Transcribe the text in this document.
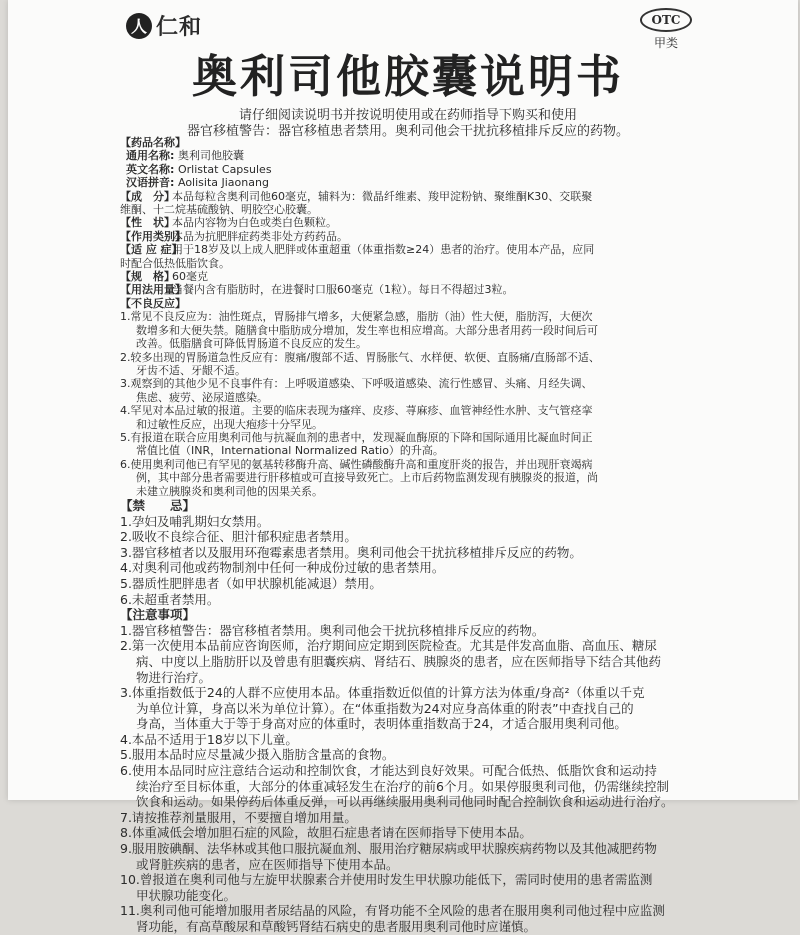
人 仁和	OTC
甲类
奥利司他胶囊说明书
请仔细阅读说明书并按说明使用或在药师指导下购买和使用
器官移植警告：器官移植患者禁用。奥利司他会干扰抗移植排斥反应的药物。
【药品名称】
通用名称: 奥利司他胶囊
英文名称: Orlistat Capsules
汉语拼音: Aolisita Jiaonang
【成　分】
本品每粒含奥利司他60毫克，辅料为：微晶纤维素、羧甲淀粉钠、聚维酮K30、交联聚
维酮、十二烷基硫酸钠、明胶空心胶囊。
【性　状】
本品内容物为白色或类白色颗粒。
【作用类别】
本品为抗肥胖症药类非处方药药品。
【适 应 症】
用于18岁及以上成人肥胖或体重超重（体重指数≥24）患者的治疗。使用本产品，应同
时配合低热低脂饮食。
【规　格】
60毫克
【用法用量】
当餐内含有脂肪时，在进餐时口服60毫克（1粒）。每日不得超过3粒。
【不良反应】
1.常见不良反应为：油性斑点，胃肠排气增多，大便紧急感，脂肪（油）性大便，脂肪泻，大便次
数增多和大便失禁。随膳食中脂肪成分增加，发生率也相应增高。大部分患者用药一段时间后可
改善。低脂膳食可降低胃肠道不良反应的发生。
2.较多出现的胃肠道急性反应有：腹痛/腹部不适、胃肠胀气、水样便、软便、直肠痛/直肠部不适、
牙齿不适、牙龈不适。
3.观察到的其他少见不良事件有：上呼吸道感染、下呼吸道感染、流行性感冒、头痛、月经失调、
焦虑、疲劳、泌尿道感染。
4.罕见对本品过敏的报道。主要的临床表现为瘙痒、皮疹、荨麻疹、血管神经性水肿、支气管痉挛
和过敏性反应，出现大疱疹十分罕见。
5.有报道在联合应用奥利司他与抗凝血剂的患者中，发现凝血酶原的下降和国际通用比凝血时间正
常值比值（INR，International Normalized Ratio）的升高。
6.使用奥利司他已有罕见的氨基转移酶升高、碱性磷酸酶升高和重度肝炎的报告，并出现肝衰竭病
例，其中部分患者需要进行肝移植或可直接导致死亡。上市后药物监测发现有胰腺炎的报道，尚
未建立胰腺炎和奥利司他的因果关系。
【禁　　忌】
1.孕妇及哺乳期妇女禁用。
2.吸收不良综合征、胆汁郁积症患者禁用。
3.器官移植者以及服用环孢霉素患者禁用。奥利司他会干扰抗移植排斥反应的药物。
4.对奥利司他或药物制剂中任何一种成份过敏的患者禁用。
5.器质性肥胖患者（如甲状腺机能减退）禁用。
6.未超重者禁用。
【注意事项】
1.器官移植警告：器官移植者禁用。奥利司他会干扰抗移植排斥反应的药物。
2.第一次使用本品前应咨询医师，治疗期间应定期到医院检查。尤其是伴发高血脂、高血压、糖尿
病、中度以上脂肪肝以及曾患有胆囊疾病、肾结石、胰腺炎的患者，应在医师指导下结合其他药
物进行治疗。
3.体重指数低于24的人群不应使用本品。体重指数近似值的计算方法为体重/身高²（体重以千克
为单位计算，身高以米为单位计算）。在“体重指数为24对应身高体重的附表”中查找自己的
身高，当体重大于等于身高对应的体重时，表明体重指数高于24，才适合服用奥利司他。
4.本品不适用于18岁以下儿童。
5.服用本品时应尽量减少摄入脂肪含量高的食物。
6.使用本品同时应注意结合运动和控制饮食，才能达到良好效果。可配合低热、低脂饮食和运动持
续治疗至目标体重，大部分的体重减轻发生在治疗的前6个月。如果停服奥利司他，仍需继续控制
饮食和运动。如果停药后体重反弹，可以再继续服用奥利司他同时配合控制饮食和运动进行治疗。
7.请按推荐剂量服用，不要擅自增加用量。
8.体重减低会增加胆石症的风险，故胆石症患者请在医师指导下使用本品。
9.服用胺碘酮、法华林或其他口服抗凝血剂、服用治疗糖尿病或甲状腺疾病药物以及其他减肥药物
或肾脏疾病的患者，应在医师指导下使用本品。
10.曾报道在奥利司他与左旋甲状腺素合并使用时发生甲状腺功能低下，需同时使用的患者需监测
甲状腺功能变化。
11.奥利司他可能增加服用者尿结晶的风险，有肾功能不全风险的患者在服用奥利司他过程中应监测
肾功能，有高草酸尿和草酸钙肾结石病史的患者服用奥利司他时应谨慎。
